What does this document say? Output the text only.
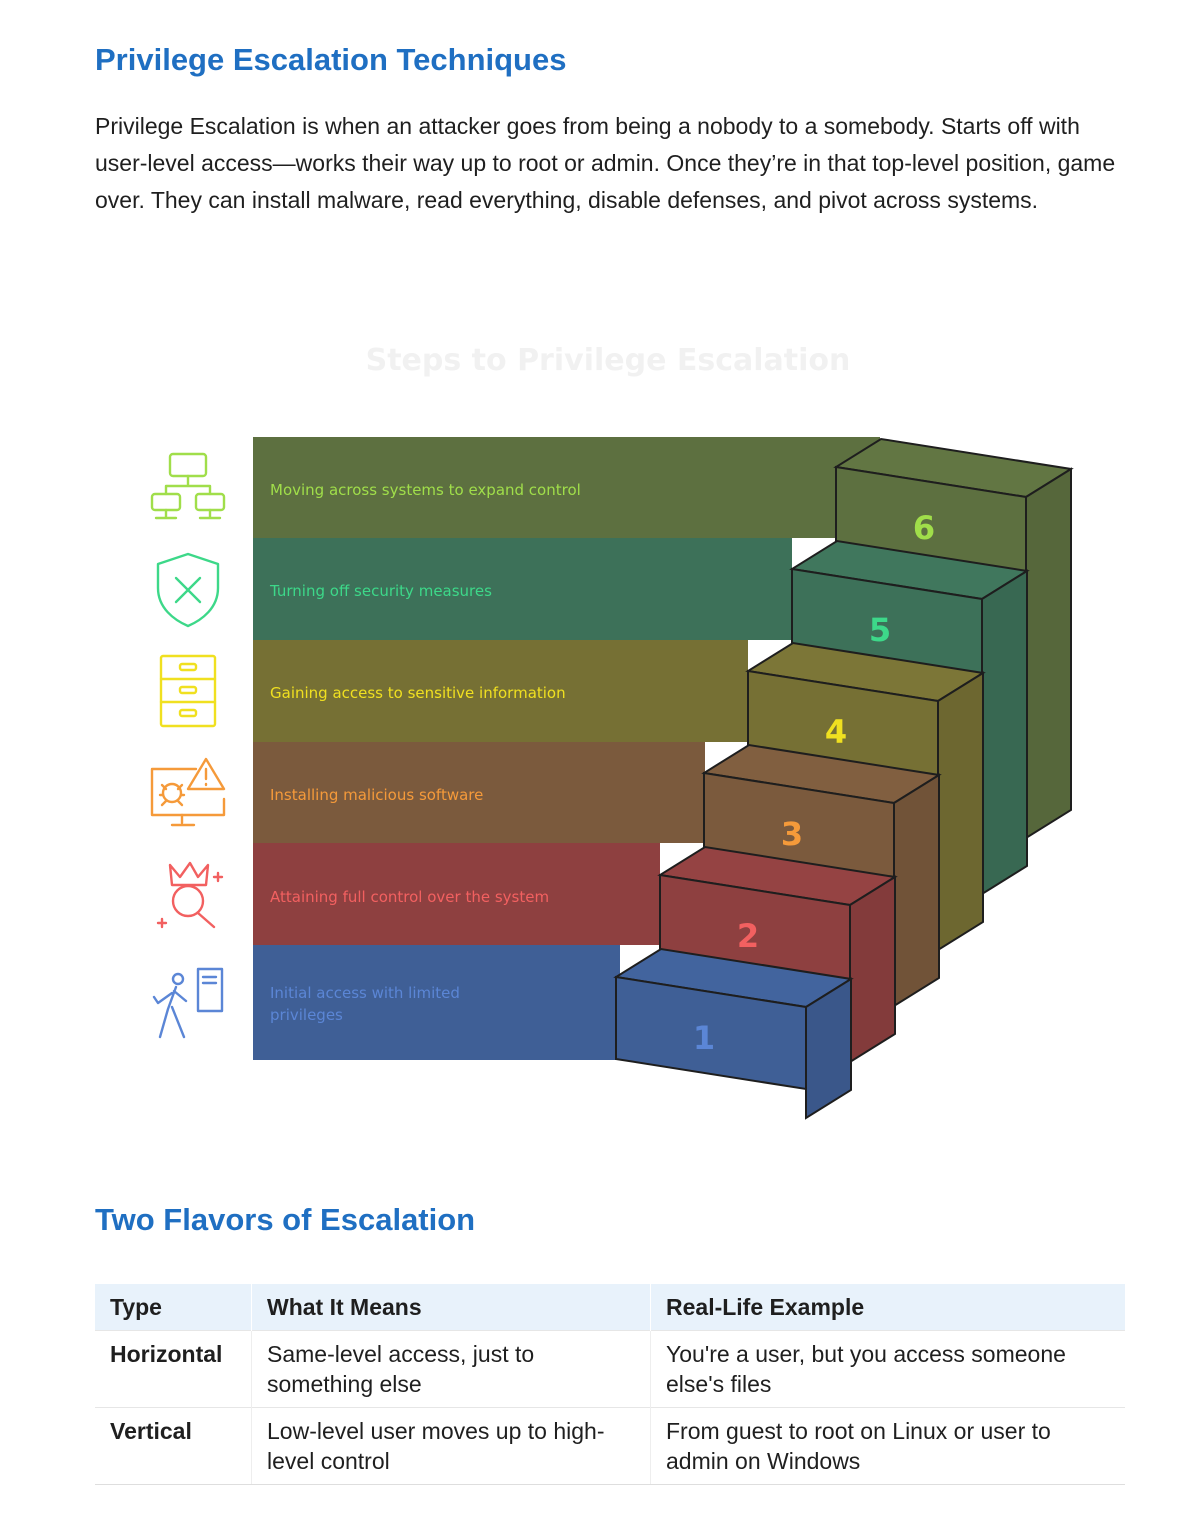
Privilege Escalation Techniques

Privilege Escalation is when an attacker goes from being a nobody to a somebody. Starts off with user-level access—works their way up to root or admin. Once they’re in that top-level position, game over. They can install malware, read everything, disable defenses, and pivot across systems.

Steps to Privilege Escalation
6
5
4
3
2
1
Initial access with limited
privileges
Attaining full control over the system
Installing malicious software
Gaining access to sensitive information
Turning off security measures
Moving across systems to expand control
Two Flavors of Escalation
Type	What It Means	Real-Life Example
Horizontal	Same-level access, just to something else	You're a user, but you access someone else's files
Vertical	Low-level user moves up to high-level control	From guest to root on Linux or user to admin on Windows
